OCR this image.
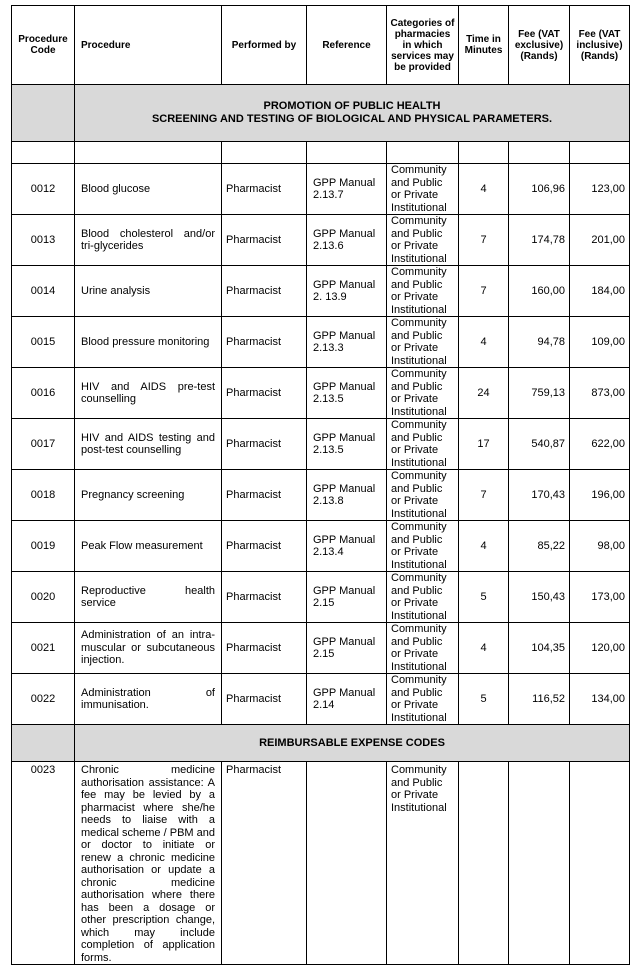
Procedure Code	Procedure	Performed by	Reference	Categories of pharmacies in which services may be provided	Time in Minutes	Fee (VAT exclusive) (Rands)	Fee (VAT inclusive) (Rands)

	PROMOTION OF PUBLIC HEALTH
SCREENING AND TESTING OF BIOLOGICAL AND PHYSICAL PARAMETERS.						

0012	Blood glucose	Pharmacist	GPP Manual 2.13.7	Community and Public or Private Institutional	4	106,96	123,00
0013	Blood cholesterol and/or tri-glycerides	Pharmacist	GPP Manual 2.13.6	Community and Public or Private Institutional	7	174,78	201,00
0014	Urine analysis	Pharmacist	GPP Manual 2. 13.9	Community and Public or Private Institutional	7	160,00	184,00
0015	Blood pressure monitoring	Pharmacist	GPP Manual 2.13.3	Community and Public or Private Institutional	4	94,78	109,00
0016	HIV and AIDS pre-test counselling	Pharmacist	GPP Manual 2.13.5	Community and Public or Private Institutional	24	759,13	873,00
0017	HIV and AIDS testing and post-test counselling	Pharmacist	GPP Manual 2.13.5	Community and Public or Private Institutional	17	540,87	622,00
0018	Pregnancy screening	Pharmacist	GPP Manual 2.13.8	Community and Public or Private Institutional	7	170,43	196,00
0019	Peak Flow measurement	Pharmacist	GPP Manual 2.13.4	Community and Public or Private Institutional	4	85,22	98,00
0020	Reproductive health service	Pharmacist	GPP Manual 2.15	Community and Public or Private Institutional	5	150,43	173,00
0021	Administration of an intra-muscular or subcutaneous injection.	Pharmacist	GPP Manual 2.15	Community and Public or Private Institutional	4	104,35	120,00
0022	Administration of immunisation.	Pharmacist	GPP Manual 2.14	Community and Public or Private Institutional	5	116,52	134,00

	REIMBURSABLE EXPENSE CODES						

0023	Chronic medicine authorisation assistance: A fee may be levied by a pharmacist where she/he needs to liaise with a medical scheme / PBM and or doctor to initiate or renew a chronic medicine authorisation or update a chronic medicine authorisation where there has been a dosage or other prescription change, which may include completion of application forms.	Pharmacist		Community and Public or Private Institutional			
